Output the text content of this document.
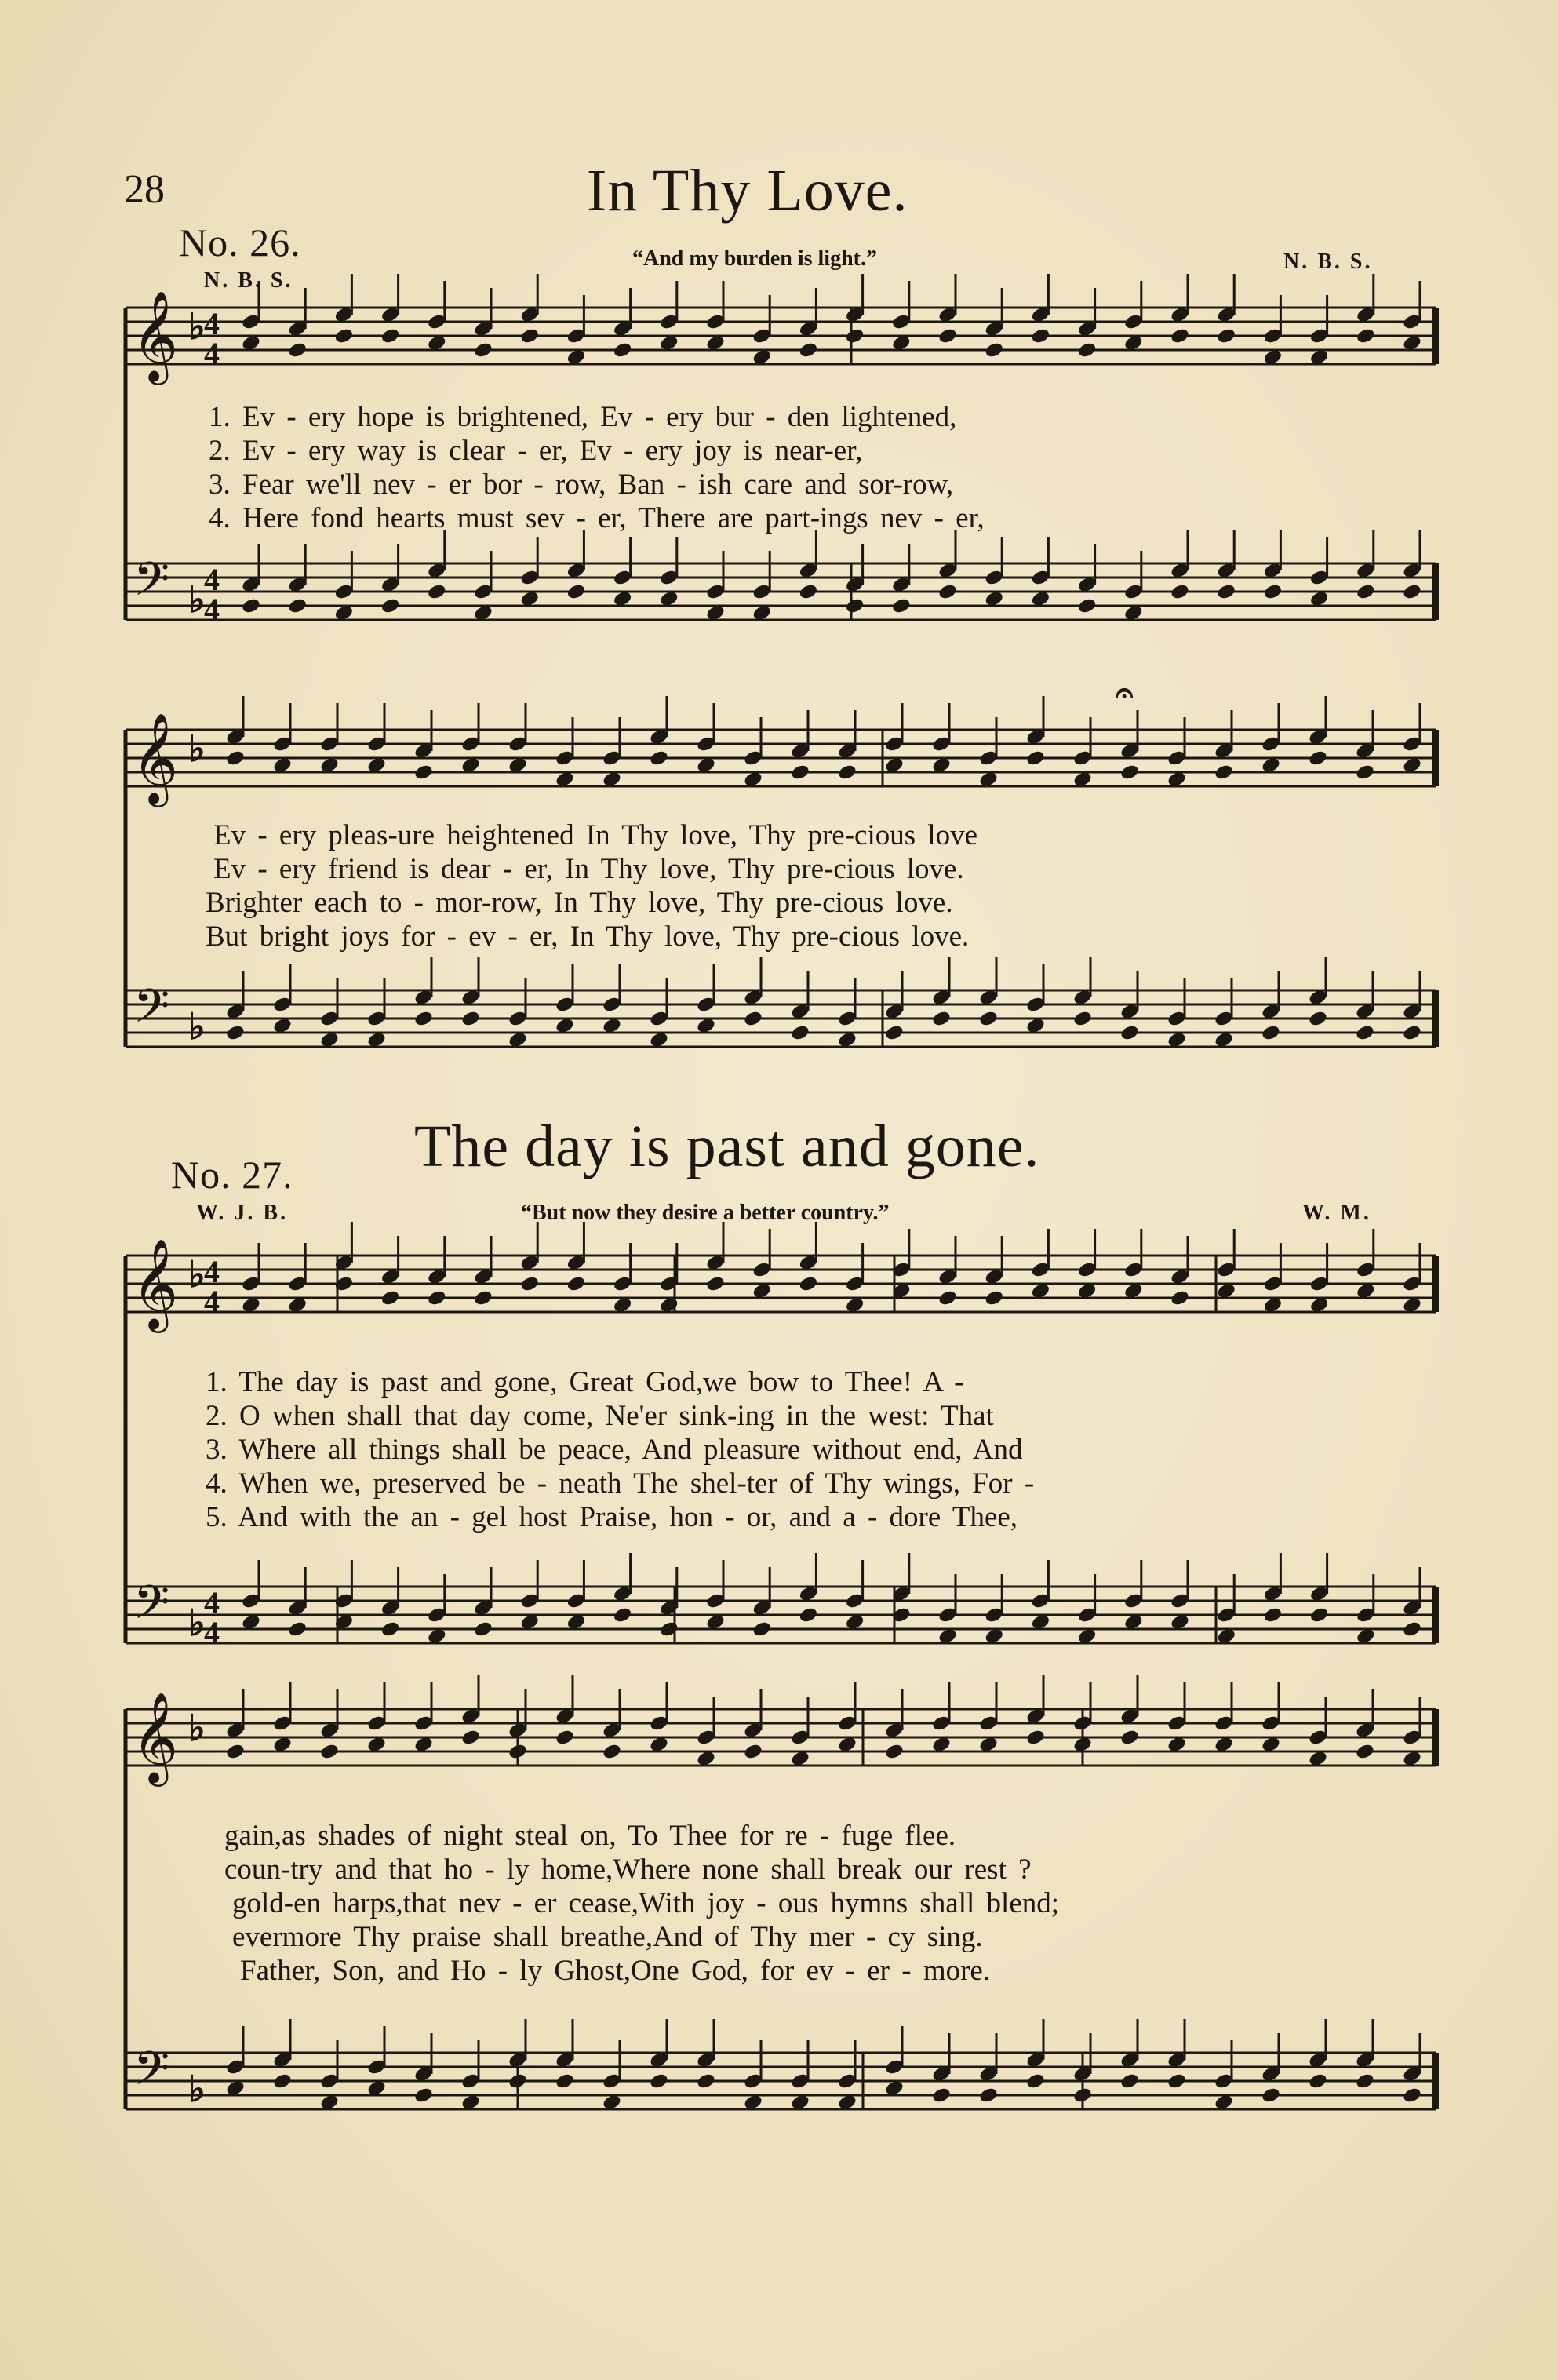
𝄞 ♭
4
4
𝄢 ♭
4
4
𝄞 ♭
𝄢 ♭
𝄐
𝄞 ♭
4
4
𝄢 ♭
4
4
𝄞 ♭
𝄢 ♭
28	In Thy Love.
No. 26.	“And my burden is light.”	N. B. S.
N. B. S.
1. Ev - ery hope is brightened, Ev - ery bur - den lightened,
2. Ev - ery way is clear - er, Ev - ery joy is near-er,
3. Fear we'll nev - er bor - row, Ban - ish care and sor-row,
4. Here fond hearts must sev - er, There are part-ings nev - er,
Ev - ery pleas-ure heightened In Thy love, Thy pre-cious love
Ev - ery friend is dear - er, In Thy love, Thy pre-cious love.
Brighter each to - mor-row, In Thy love, Thy pre-cious love.
But bright joys for - ev - er, In Thy love, Thy pre-cious love.
No. 27. The day is past and gone.
W. J. B.	“But now they desire a better country.”	W. M.
1. The day is past and gone, Great God,we bow to Thee! A -
2. O when shall that day come, Ne'er sink-ing in the west: That
3. Where all things shall be peace, And pleasure without end, And
4. When we, preserved be - neath The shel-ter of Thy wings, For -
5. And with the an - gel host Praise, hon - or, and a - dore Thee,
gain,as shades of night steal on, To Thee for re - fuge flee.
coun-try and that ho - ly home,Where none shall break our rest ?
gold-en harps,that nev - er cease,With joy - ous hymns shall blend;
evermore Thy praise shall breathe,And of Thy mer - cy sing.
Father, Son, and Ho - ly Ghost,One God, for ev - er - more.
